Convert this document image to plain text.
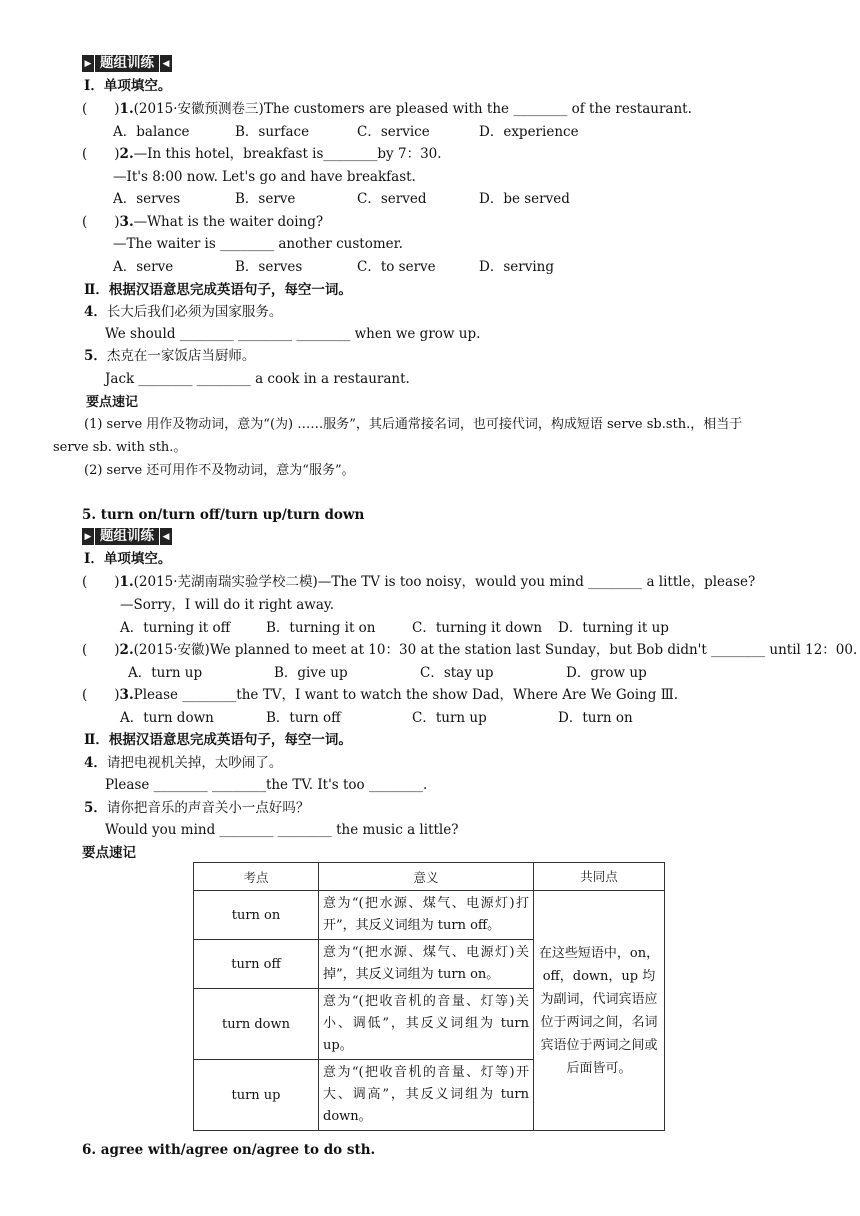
▶ 题组训练 ◀
Ⅰ．单项填空。
(　　)1.(2015·安徽预测卷三)The customers are pleased with the ________ of the restaurant.
A．balance	B．surface	C．service	D．experience
(　　)2.—In this hotel，breakfast is________by 7：30.
—It's 8:00 now. Let's go and have breakfast.
A．serves	B．serve	C．served	D．be served
(　　)3.—What is the waiter doing?
—The waiter is ________ another customer.
A．serve	B．serves	C．to serve	D．serving
Ⅱ．根据汉语意思完成英语句子，每空一词。
4．长大后我们必须为国家服务。
We should ________ ________ ________ when we grow up.
5．杰克在一家饭店当厨师。
Jack ________ ________ a cook in a restaurant.
要点速记
(1) serve 用作及物动词，意为“(为) ……服务”，其后通常接名词，也可接代词，构成短语 serve sb.sth.，相当于
serve sb. with sth.。
(2) serve 还可用作不及物动词，意为“服务”。
5. turn on/turn off/turn up/turn down
▶ 题组训练 ◀
Ⅰ．单项填空。
(　　)1.(2015·芜湖南瑞实验学校二模)—The TV is too noisy，would you mind ________ a little，please?
—Sorry，I will do it right away.
A．turning it off	B．turning it on	C．turning it down D．turning it up
(　　)2.(2015·安徽)We planned to meet at 10：30 at the station last Sunday，but Bob didn't ________ until 12：00.
A．turn up	B．give up	C．stay up	D．grow up
(　　)3.Please ________the TV，I want to watch the show Dad，Where Are We Going Ⅲ.
A．turn down	B．turn off	C．turn up	D．turn on
Ⅱ．根据汉语意思完成英语句子，每空一词。
4．请把电视机关掉，太吵闹了。
Please ________ ________the TV. It's too ________.
5．请你把音乐的声音关小一点好吗？
Would you mind ________ ________ the music a little?
要点速记
考点	意义	共同点
turn on	意为“(把水源、煤气、电源灯)打开”，其反义词组为 turn off。	在这些短语中，on，off，down，up 均为副词，代词宾语应位于两词之间，名词宾语位于两词之间或后面皆可。
turn off	意为“(把水源、煤气、电源灯)关掉”，其反义词组为 turn on。	
turn down	意为“(把收音机的音量、灯等)关小、调低”，其反义词组为 turn up。	
turn up	意为“(把收音机的音量、灯等)开大、调高”，其反义词组为 turn down。	
6. agree with/agree on/agree to do sth.
